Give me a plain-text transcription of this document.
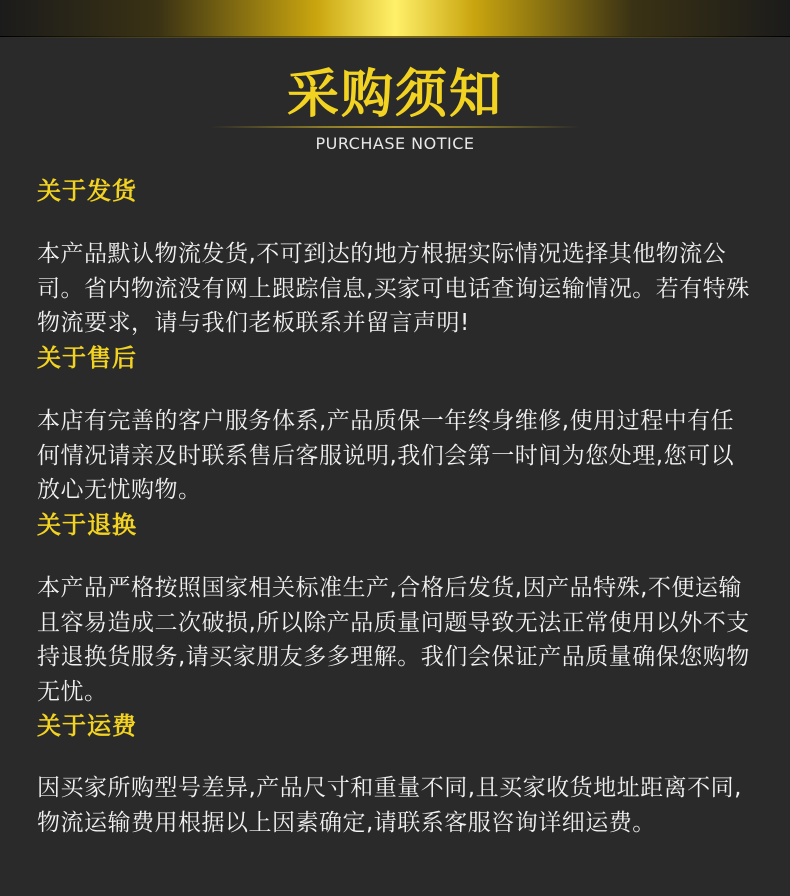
采购须知
PURCHASE NOTICE
关于发货
本产品默认物流发货,不可到达的地方根据实际情况选择其他物流公司。省内物流没有网上跟踪信息,买家可电话查询运输情况。若有特殊物流要求，请与我们老板联系并留言声明!
关于售后
本店有完善的客户服务体系,产品质保一年终身维修,使用过程中有任何情况请亲及时联系售后客服说明,我们会第一时间为您处理,您可以放心无忧购物。
关于退换
本产品严格按照国家相关标准生产,合格后发货,因产品特殊,不便运输且容易造成二次破损,所以除产品质量问题导致无法正常使用以外不支持退换货服务,请买家朋友多多理解。我们会保证产品质量确保您购物无忧。
关于运费
因买家所购型号差异,产品尺寸和重量不同,且买家收货地址距离不同,物流运输费用根据以上因素确定,请联系客服咨询详细运费。
